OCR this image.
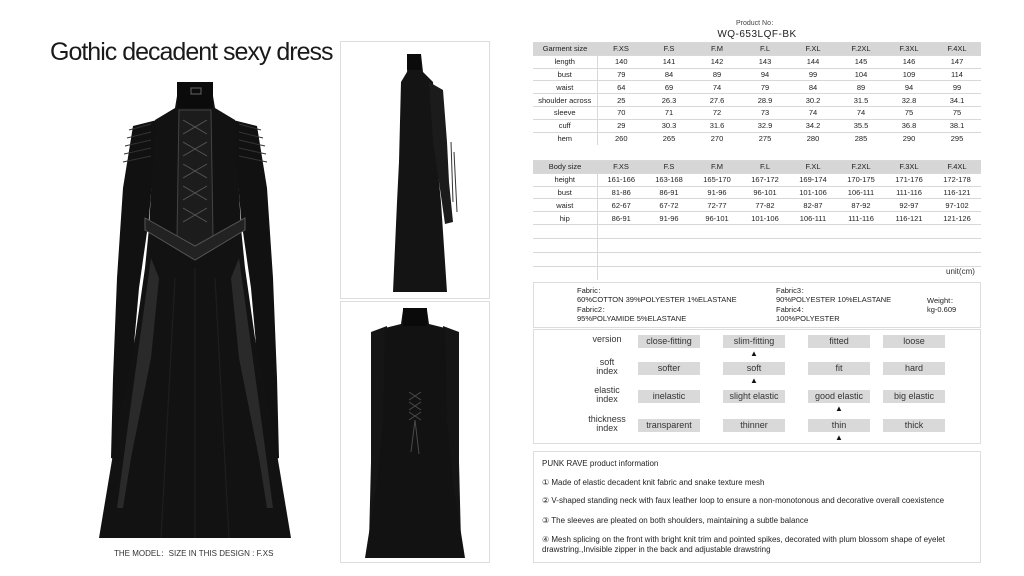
Gothic decadent sexy dress
THE MODEL：SIZE IN THIS DESIGN : F.XS
Product No：
WQ-653LQF-BK
Garment size	F.XS	F.S	F.M	F.L	F.XL	F.2XL	F.3XL	F.4XL
length	140	141	142	143	144	145	146	147
bust	79	84	89	94	99	104	109	114
waist	64	69	74	79	84	89	94	99
shoulder across	25	26.3	27.6	28.9	30.2	31.5	32.8	34.1
sleeve	70	71	72	73	74	74	75	75
cuff	29	30.3	31.6	32.9	34.2	35.5	36.8	38.1
hem	260	265	270	275	280	285	290	295
Body size	F.XS	F.S	F.M	F.L	F.XL	F.2XL	F.3XL	F.4XL
height	161-166	163-168	165-170	167-172	169-174	170-175	171-176	172-178
bust	81-86	86-91	91-96	96-101	101-106	106-111	111-116	116-121
waist	62-67	67-72	72-77	77-82	82-87	87-92	92-97	97-102
hip	86-91	91-96	96-101	101-106	106-111	111-116	116-121	121-126
unit(cm)
Fabric：
60%COTTON 39%POLYESTER 1%ELASTANE
Fabric2：
95%POLYAMIDE 5%ELASTANE
Fabric3：
90%POLYESTER 10%ELASTANE
Fabric4：
100%POLYESTER
Weight：
kg-0.609
version	close-fitting	slim-fitting	fitted	loose
▲
soft
index	softer	soft	fit	hard
▲
elastic
index	inelastic	slight elastic	good elastic	big elastic
▲
thickness
index	transparent	thinner	thin	thick
▲
PUNK RAVE product information
① Made of elastic decadent knit fabric and snake texture mesh
② V-shaped standing neck with faux leather loop to ensure a non-monotonous and decorative overall coexistence
③ The sleeves are pleated on both shoulders, maintaining a subtle balance
④ Mesh splicing on the front with bright knit trim and pointed spikes, decorated with plum blossom shape of eyelet drawstring.,Invisible zipper in the back and adjustable drawstring
